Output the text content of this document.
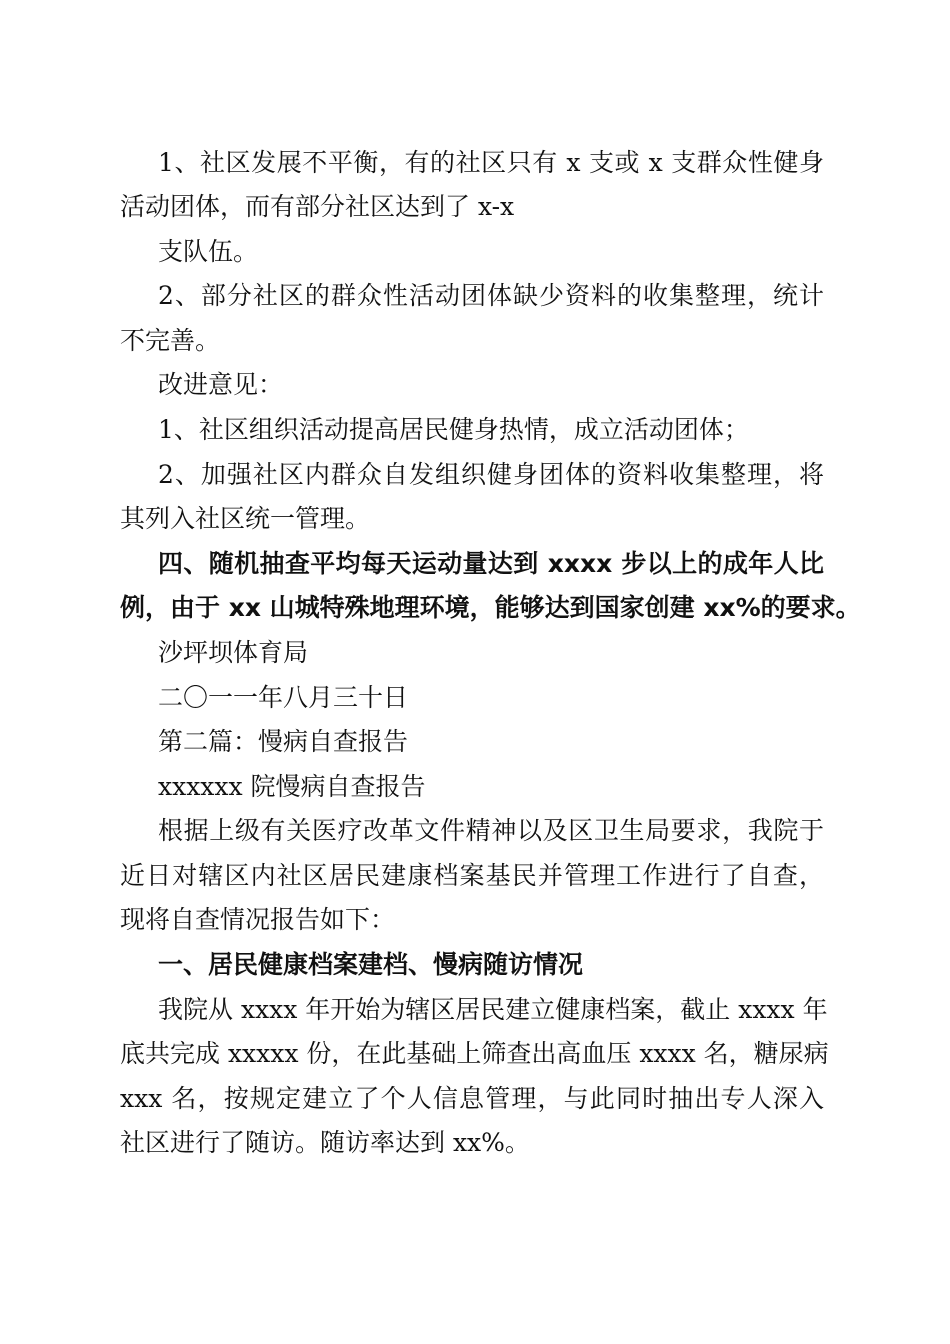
1、社区发展不平衡，有的社区只有 x 支或 x 支群众性健身
活动团体，而有部分社区达到了 x-x
支队伍。
2、部分社区的群众性活动团体缺少资料的收集整理，统计
不完善。
改进意见：
1、社区组织活动提高居民健身热情，成立活动团体；
2、加强社区内群众自发组织健身团体的资料收集整理，将
其列入社区统一管理。
四、随机抽查平均每天运动量达到 xxxx 步以上的成年人比
例，由于 xx 山城特殊地理环境，能够达到国家创建 xx%的要求。
沙坪坝体育局
二〇一一年八月三十日
第二篇：慢病自查报告
xxxxxx 院慢病自查报告
根据上级有关医疗改革文件精神以及区卫生局要求，我院于
近日对辖区内社区居民建康档案基民并管理工作进行了自查，
现将自查情况报告如下：
一、居民健康档案建档、慢病随访情况
我院从 xxxx 年开始为辖区居民建立健康档案，截止 xxxx 年
底共完成 xxxxx 份，在此基础上筛查出高血压 xxxx 名，糖尿病
xxx 名，按规定建立了个人信息管理，与此同时抽出专人深入
社区进行了随访。随访率达到 xx%。
